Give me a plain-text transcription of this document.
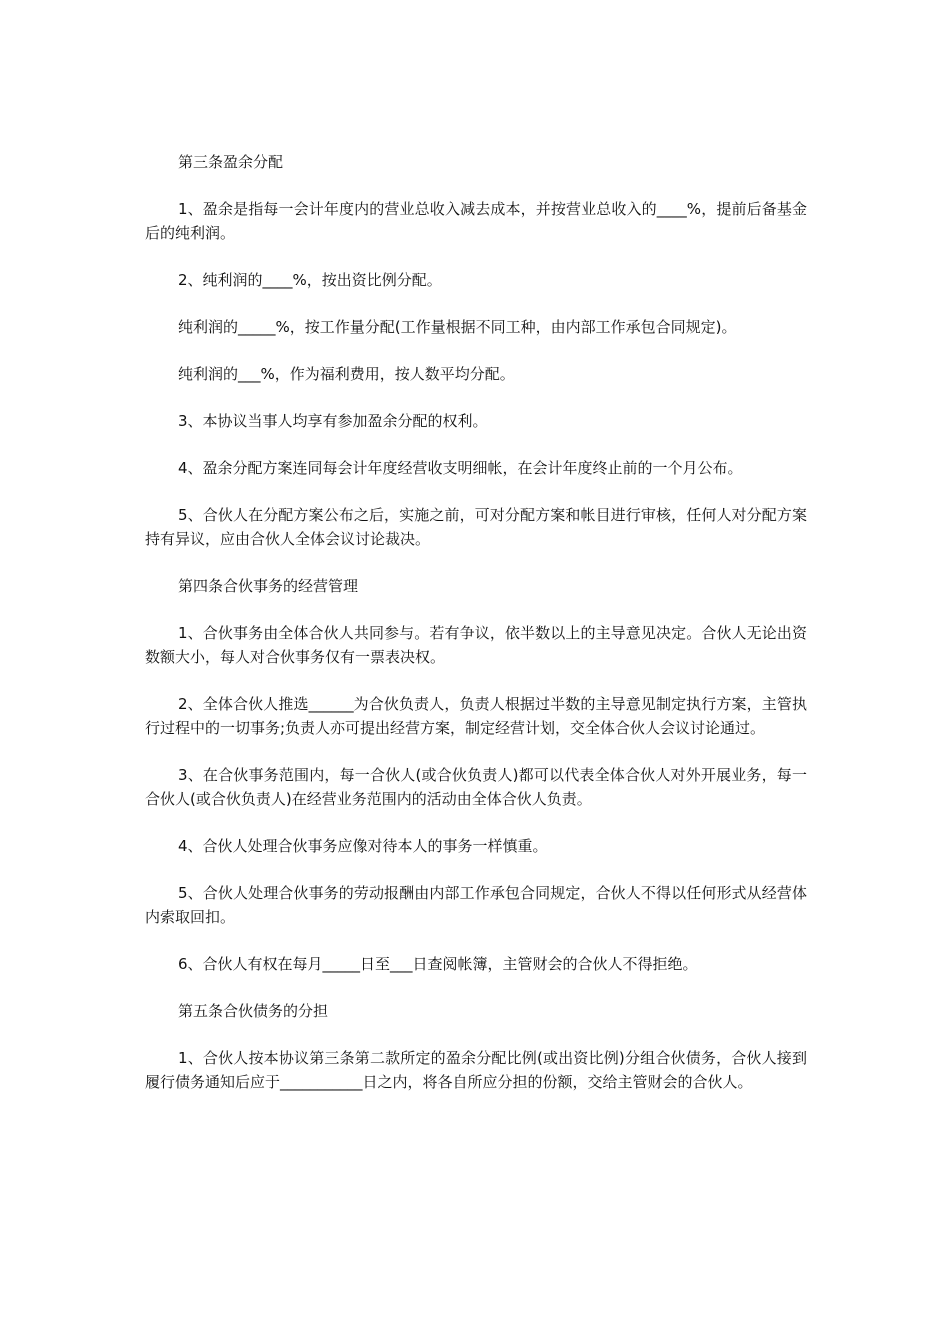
第三条盈余分配

1、盈余是指每一会计年度内的营业总收入减去成本，并按营业总收入的____%，提前后备基金后的纯利润。

2、纯利润的____%，按出资比例分配。

纯利润的_____%，按工作量分配(工作量根据不同工种，由内部工作承包合同规定)。

纯利润的___%，作为福利费用，按人数平均分配。

3、本协议当事人均享有参加盈余分配的权利。

4、盈余分配方案连同每会计年度经营收支明细帐，在会计年度终止前的一个月公布。

5、合伙人在分配方案公布之后，实施之前，可对分配方案和帐目进行审核，任何人对分配方案持有异议，应由合伙人全体会议讨论裁决。

第四条合伙事务的经营管理

1、合伙事务由全体合伙人共同参与。若有争议，依半数以上的主导意见决定。合伙人无论出资数额大小，每人对合伙事务仅有一票表决权。

2、全体合伙人推选______为合伙负责人，负责人根据过半数的主导意见制定执行方案，主管执行过程中的一切事务;负责人亦可提出经营方案，制定经营计划，交全体合伙人会议讨论通过。

3、在合伙事务范围内，每一合伙人(或合伙负责人)都可以代表全体合伙人对外开展业务，每一合伙人(或合伙负责人)在经营业务范围内的活动由全体合伙人负责。

4、合伙人处理合伙事务应像对待本人的事务一样慎重。

5、合伙人处理合伙事务的劳动报酬由内部工作承包合同规定，合伙人不得以任何形式从经营体内索取回扣。

6、合伙人有权在每月_____日至___日查阅帐簿，主管财会的合伙人不得拒绝。

第五条合伙债务的分担

1、合伙人按本协议第三条第二款所定的盈余分配比例(或出资比例)分组合伙债务，合伙人接到履行债务通知后应于___________日之内，将各自所应分担的份额，交给主管财会的合伙人。
